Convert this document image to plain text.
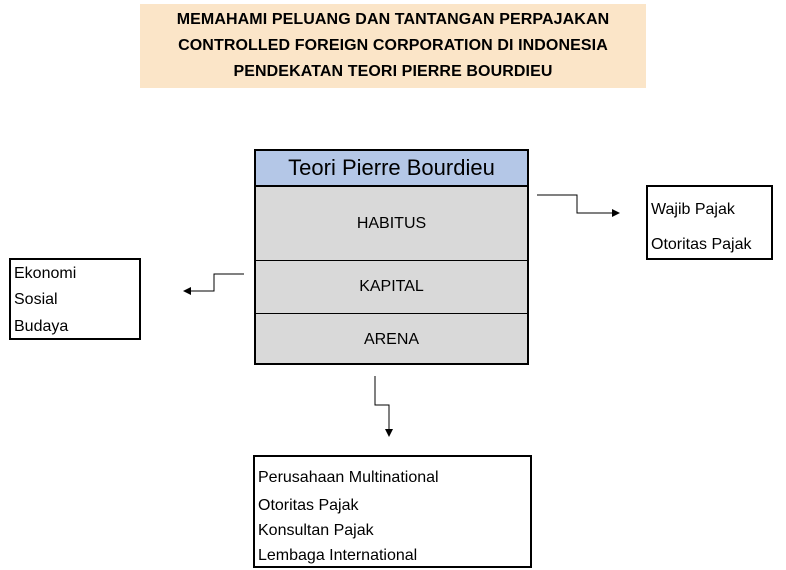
MEMAHAMI PELUANG DAN TANTANGAN PERPAJAKAN
CONTROLLED FOREIGN CORPORATION DI INDONESIA
PENDEKATAN TEORI PIERRE BOURDIEU
Teori Pierre Bourdieu
HABITUS
KAPITAL
ARENA
Wajib Pajak
Otoritas Pajak
Ekonomi
Sosial
Budaya
Perusahaan Multinational
Otoritas Pajak
Konsultan Pajak
Lembaga International
